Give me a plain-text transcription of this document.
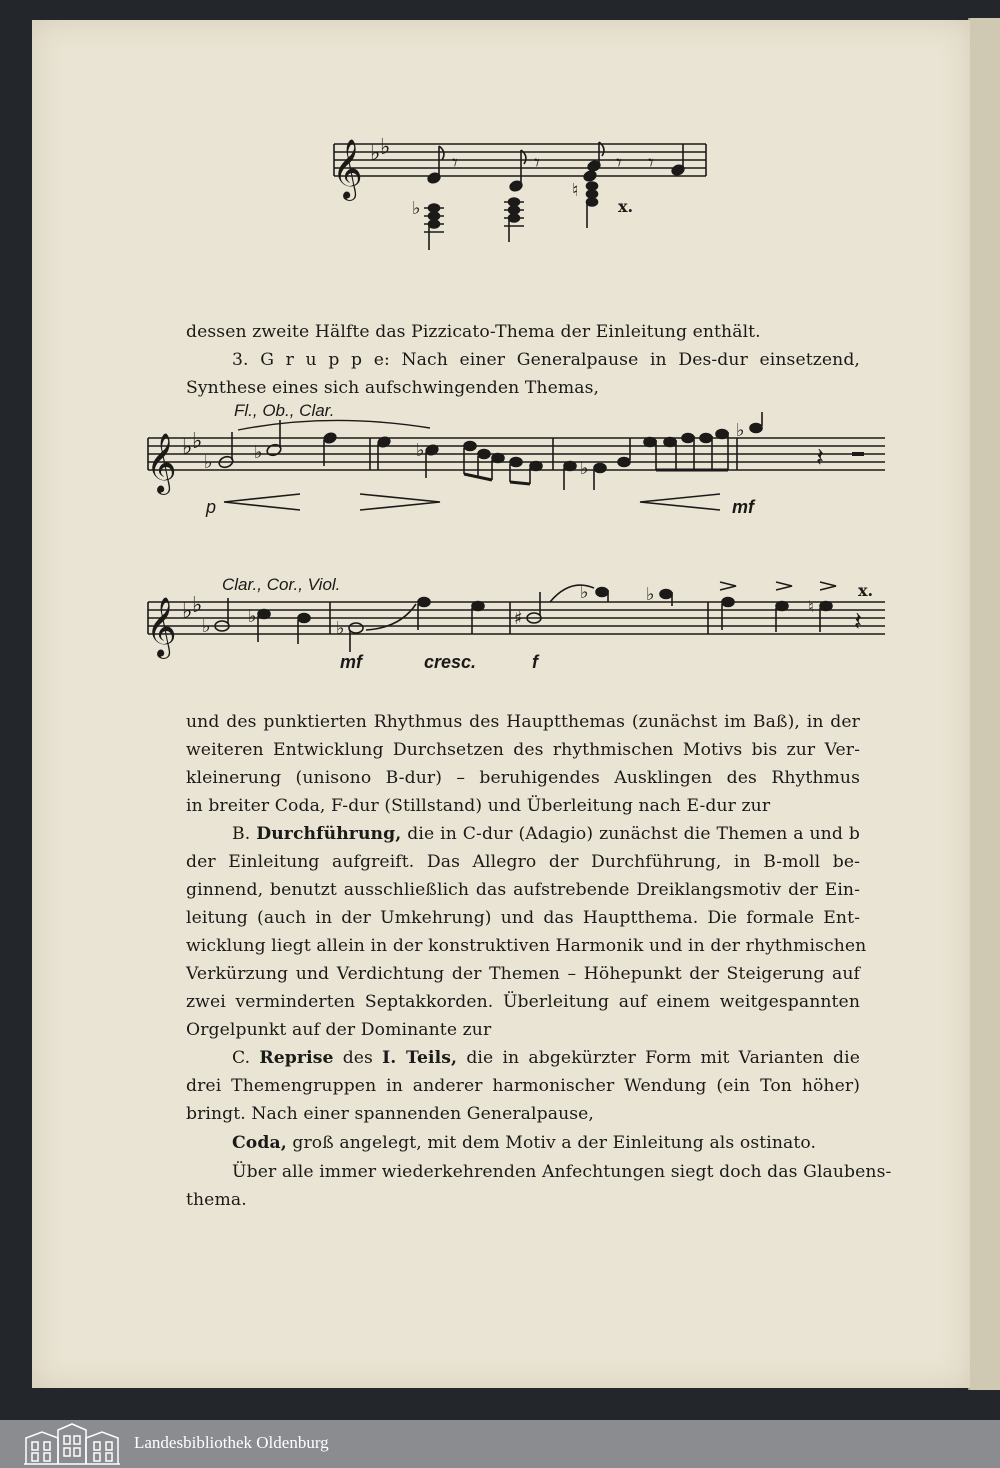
𝄞 ♭ ♭
𝄾	𝄾	𝄾 𝄾
♭
♮
x.
dessen zweite Hälfte das Pizzicato-Thema der Einleitung enthält.
3. G r u p p e: Nach einer Generalpause in Des-dur einsetzend,
Synthese eines sich aufschwingenden Themas,
Fl., Ob., Clar.
𝄞 ♭ ♭
♭ ♭	♭
♭
♭
𝄽
p	mf
Clar., Cor., Viol.	x.
𝄞 ♭ ♭
♭ ♭
♭	♯
♭	♭
♮
𝄽
mf	cresc.	f
und des punktierten Rhythmus des Hauptthemas (zunächst im Baß), in der
weiteren Entwicklung Durchsetzen des rhythmischen Motivs bis zur Ver-
kleinerung (unisono B-dur) – beruhigendes Ausklingen des Rhythmus
in breiter Coda, F-dur (Stillstand) und Überleitung nach E-dur zur
B. Durchführung, die in C-dur (Adagio) zunächst die Themen a und b
der Einleitung aufgreift. Das Allegro der Durchführung, in B-moll be-
ginnend, benutzt ausschließlich das aufstrebende Dreiklangsmotiv der Ein-
leitung (auch in der Umkehrung) und das Hauptthema. Die formale Ent-
wicklung liegt allein in der konstruktiven Harmonik und in der rhythmischen
Verkürzung und Verdichtung der Themen – Höhepunkt der Steigerung auf
zwei verminderten Septakkorden. Überleitung auf einem weitgespannten
Orgelpunkt auf der Dominante zur
C. Reprise des I. Teils, die in abgekürzter Form mit Varianten die
drei Themengruppen in anderer harmonischer Wendung (ein Ton höher)
bringt. Nach einer spannenden Generalpause,
Coda, groß angelegt, mit dem Motiv a der Einleitung als ostinato.
Über alle immer wiederkehrenden Anfechtungen siegt doch das Glaubens-
thema.
Landesbibliothek Oldenburg
